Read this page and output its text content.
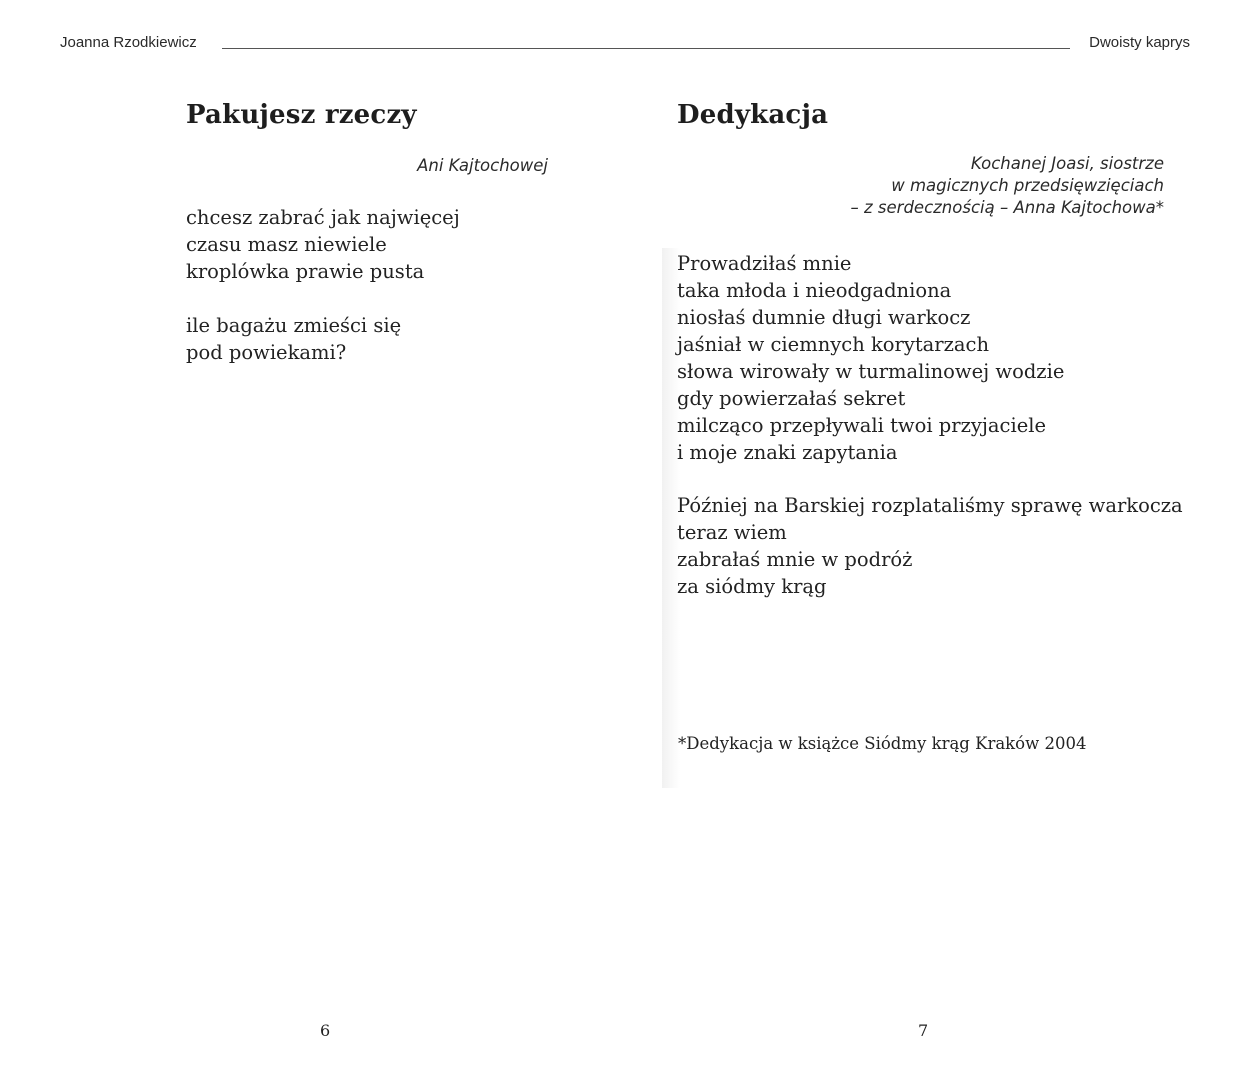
Joanna Rzodkiewicz	Dwoisty kaprys
Pakujesz rzeczy
Ani Kajtochowej
chcesz zabrać jak najwięcej
czasu masz niewiele
kroplówka prawie pusta
ile bagażu zmieści się
pod powiekami?
6
Dedykacja
Kochanej Joasi, siostrze
w magicznych przedsięwzięciach
– z serdecznością – Anna Kajtochowa*
Prowadziłaś mnie
taka młoda i nieodgadniona
niosłaś dumnie długi warkocz
jaśniał w ciemnych korytarzach
słowa wirowały w turmalinowej wodzie
gdy powierzałaś sekret
milcząco przepływali twoi przyjaciele
i moje znaki zapytania
Później na Barskiej rozplataliśmy sprawę warkocza
teraz wiem
zabrałaś mnie w podróż
za siódmy krąg
*Dedykacja w książce Siódmy krąg Kraków 2004
7
